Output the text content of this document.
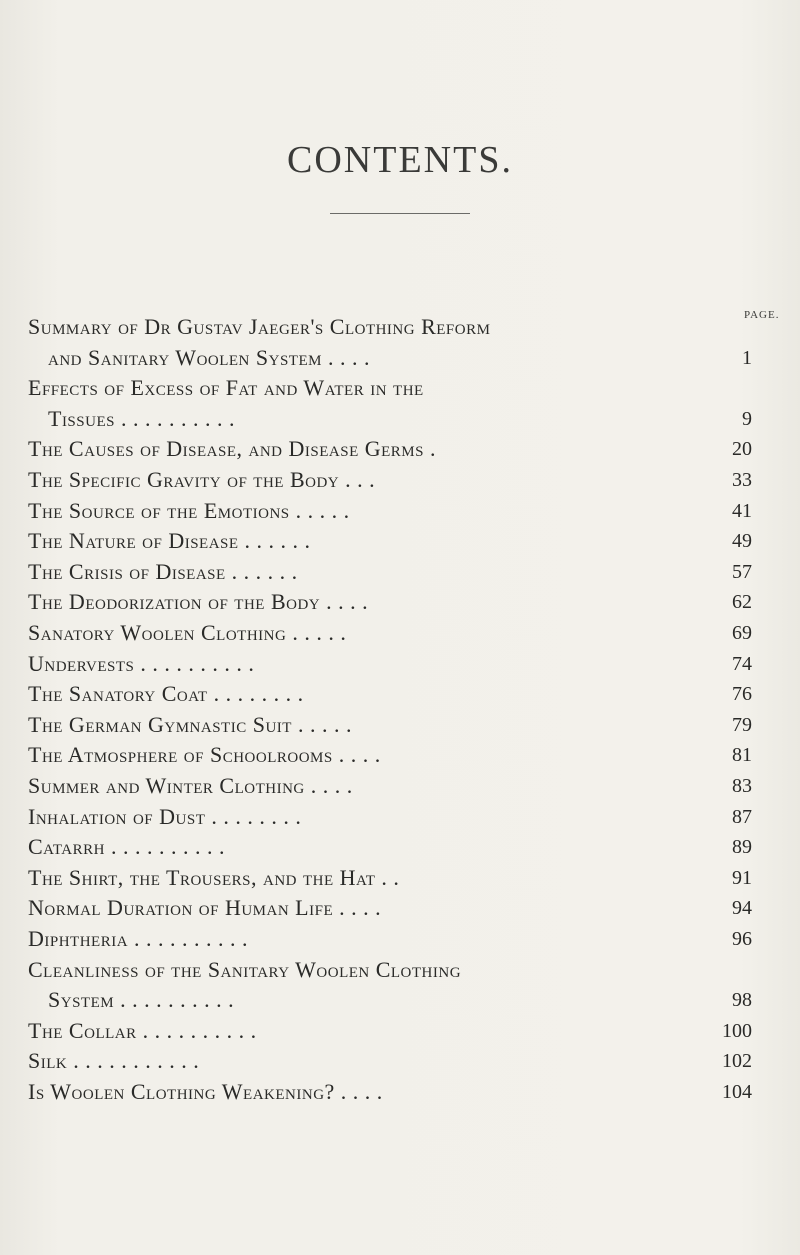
CONTENTS.
PAGE.
Summary of Dr Gustav Jaeger's Clothing Reform
and Sanitary Woolen System . . . .	1
Effects of Excess of Fat and Water in the
Tissues . . . . . . . . . .	9
The Causes of Disease, and Disease Germs .	20
The Specific Gravity of the Body . . .	33
The Source of the Emotions . . . . .	41
The Nature of Disease . . . . . .	49
The Crisis of Disease . . . . . .	57
The Deodorization of the Body . . . .	62
Sanatory Woolen Clothing . . . . .	69
Undervests . . . . . . . . . .	74
The Sanatory Coat . . . . . . . .	76
The German Gymnastic Suit . . . . .	79
The Atmosphere of Schoolrooms . . . .	81
Summer and Winter Clothing . . . .	83
Inhalation of Dust . . . . . . . .	87
Catarrh . . . . . . . . . .	89
The Shirt, the Trousers, and the Hat . .	91
Normal Duration of Human Life . . . .	94
Diphtheria . . . . . . . . . .	96
Cleanliness of the Sanitary Woolen Clothing
System . . . . . . . . . .	98
The Collar . . . . . . . . . .	100
Silk . . . . . . . . . . .	102
Is Woolen Clothing Weakening? . . . .	104
